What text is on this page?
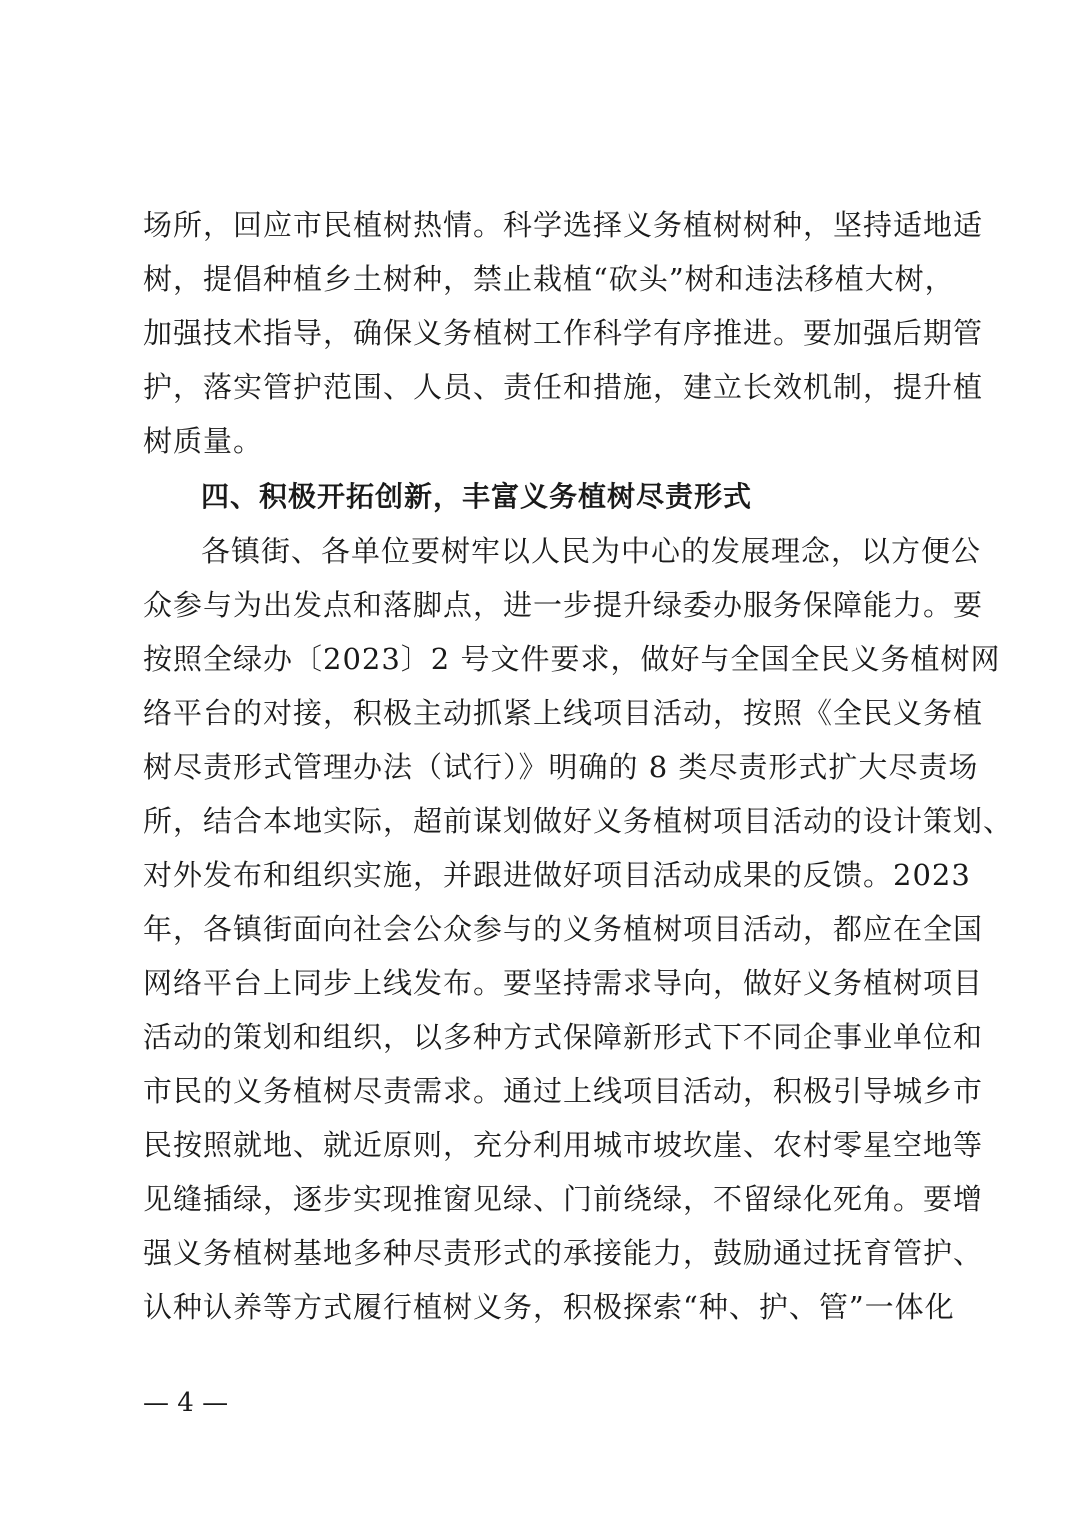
场所，回应市民植树热情。科学选择义务植树树种，坚持适地适
树，提倡种植乡土树种，禁止栽植“砍头”树和违法移植大树，
加强技术指导，确保义务植树工作科学有序推进。要加强后期管
护，落实管护范围、人员、责任和措施，建立长效机制，提升植
树质量。
四、积极开拓创新，丰富义务植树尽责形式
各镇街、各单位要树牢以人民为中心的发展理念，以方便公
众参与为出发点和落脚点，进一步提升绿委办服务保障能力。要
按照全绿办〔2023〕2 号文件要求，做好与全国全民义务植树网
络平台的对接，积极主动抓紧上线项目活动，按照《全民义务植
树尽责形式管理办法（试行）》明确的 8 类尽责形式扩大尽责场
所，结合本地实际，超前谋划做好义务植树项目活动的设计策划、
对外发布和组织实施，并跟进做好项目活动成果的反馈。2023
年，各镇街面向社会公众参与的义务植树项目活动，都应在全国
网络平台上同步上线发布。要坚持需求导向，做好义务植树项目
活动的策划和组织，以多种方式保障新形式下不同企事业单位和
市民的义务植树尽责需求。通过上线项目活动，积极引导城乡市
民按照就地、就近原则，充分利用城市坡坎崖、农村零星空地等
见缝插绿，逐步实现推窗见绿、门前绕绿，不留绿化死角。要增
强义务植树基地多种尽责形式的承接能力，鼓励通过抚育管护、
认种认养等方式履行植树义务，积极探索“种、护、管”一体化
— 4 —
